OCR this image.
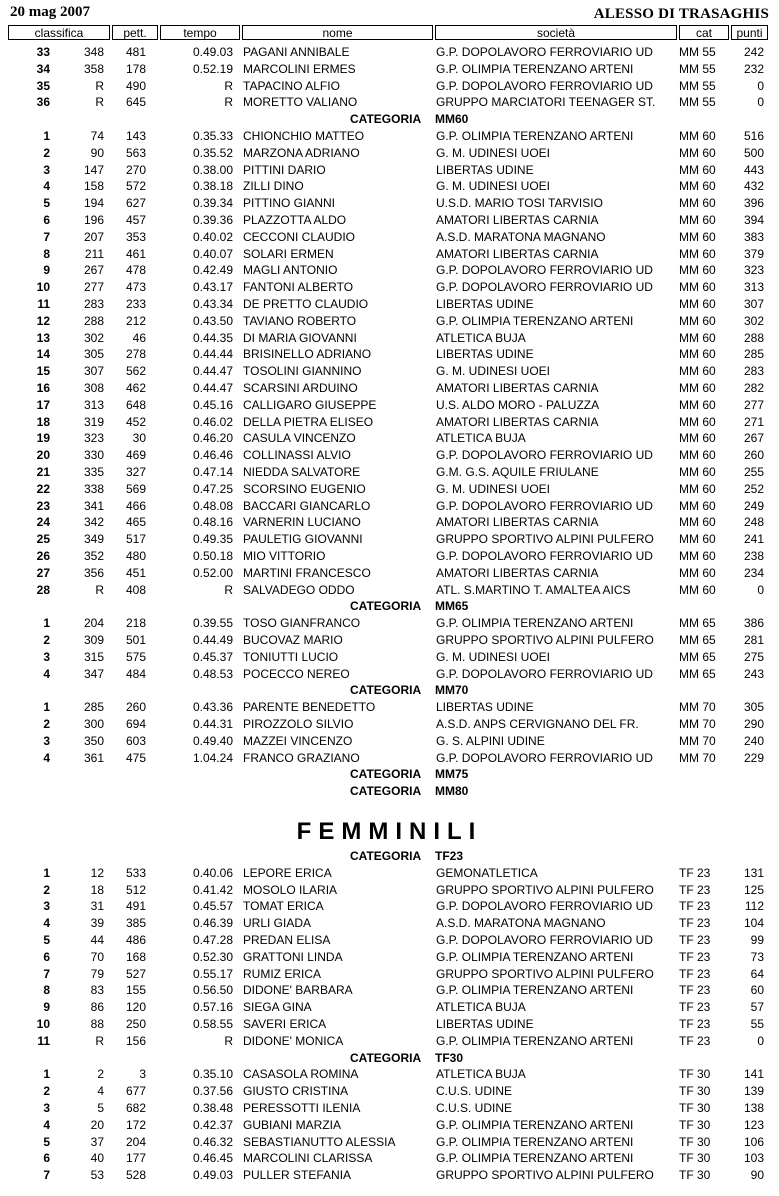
20 mag 2007	ALESSO DI TRASAGHIS
classifica	pett.	tempo	nome	società	cat	punti
33	348	481	0.49.03 PAGANI ANNIBALE	G.P. DOPOLAVORO FERROVIARIO UD MM 55	242
34	358	178	0.52.19 MARCOLINI ERMES	G.P. OLIMPIA TERENZANO ARTENI	MM 55	232
35	R	490	R TAPACINO ALFIO	G.P. DOPOLAVORO FERROVIARIO UD MM 55	0
36	R	645	R MORETTO VALIANO	GRUPPO MARCIATORI TEENAGER ST. MM 55	0
CATEGORIA MM60
1	74	143	0.35.33 CHIONCHIO MATTEO	G.P. OLIMPIA TERENZANO ARTENI	MM 60	516
2	90	563	0.35.52 MARZONA ADRIANO	G. M. UDINESI UOEI	MM 60	500
3	147	270	0.38.00 PITTINI DARIO	LIBERTAS UDINE	MM 60	443
4	158	572	0.38.18 ZILLI DINO	G. M. UDINESI UOEI	MM 60	432
5	194	627	0.39.34 PITTINO GIANNI	U.S.D. MARIO TOSI TARVISIO	MM 60	396
6	196	457	0.39.36 PLAZZOTTA ALDO	AMATORI LIBERTAS CARNIA	MM 60	394
7	207	353	0.40.02 CECCONI CLAUDIO	A.S.D. MARATONA MAGNANO	MM 60	383
8	211	461	0.40.07 SOLARI ERMEN	AMATORI LIBERTAS CARNIA	MM 60	379
9	267	478	0.42.49 MAGLI ANTONIO	G.P. DOPOLAVORO FERROVIARIO UD MM 60	323
10	277	473	0.43.17 FANTONI ALBERTO	G.P. DOPOLAVORO FERROVIARIO UD MM 60	313
11	283	233	0.43.34 DE PRETTO CLAUDIO	LIBERTAS UDINE	MM 60	307
12	288	212	0.43.50 TAVIANO ROBERTO	G.P. OLIMPIA TERENZANO ARTENI	MM 60	302
13	302	46	0.44.35 DI MARIA GIOVANNI	ATLETICA BUJA	MM 60	288
14	305	278	0.44.44 BRISINELLO ADRIANO	LIBERTAS UDINE	MM 60	285
15	307	562	0.44.47 TOSOLINI GIANNINO	G. M. UDINESI UOEI	MM 60	283
16	308	462	0.44.47 SCARSINI ARDUINO	AMATORI LIBERTAS CARNIA	MM 60	282
17	313	648	0.45.16 CALLIGARO GIUSEPPE	U.S. ALDO MORO - PALUZZA	MM 60	277
18	319	452	0.46.02 DELLA PIETRA ELISEO	AMATORI LIBERTAS CARNIA	MM 60	271
19	323	30	0.46.20 CASULA VINCENZO	ATLETICA BUJA	MM 60	267
20	330	469	0.46.46 COLLINASSI ALVIO	G.P. DOPOLAVORO FERROVIARIO UD MM 60	260
21	335	327	0.47.14 NIEDDA SALVATORE	G.M. G.S. AQUILE FRIULANE	MM 60	255
22	338	569	0.47.25 SCORSINO EUGENIO	G. M. UDINESI UOEI	MM 60	252
23	341	466	0.48.08 BACCARI GIANCARLO	G.P. DOPOLAVORO FERROVIARIO UD MM 60	249
24	342	465	0.48.16 VARNERIN LUCIANO	AMATORI LIBERTAS CARNIA	MM 60	248
25	349	517	0.49.35 PAULETIG GIOVANNI	GRUPPO SPORTIVO ALPINI PULFERO MM 60	241
26	352	480	0.50.18 MIO VITTORIO	G.P. DOPOLAVORO FERROVIARIO UD MM 60	238
27	356	451	0.52.00 MARTINI FRANCESCO	AMATORI LIBERTAS CARNIA	MM 60	234
28	R	408	R SALVADEGO ODDO	ATL. S.MARTINO T. AMALTEA AICS	MM 60	0
CATEGORIA MM65
1	204	218	0.39.55 TOSO GIANFRANCO	G.P. OLIMPIA TERENZANO ARTENI	MM 65	386
2	309	501	0.44.49 BUCOVAZ MARIO	GRUPPO SPORTIVO ALPINI PULFERO MM 65	281
3	315	575	0.45.37 TONIUTTI LUCIO	G. M. UDINESI UOEI	MM 65	275
4	347	484	0.48.53 POCECCO NEREO	G.P. DOPOLAVORO FERROVIARIO UD MM 65	243
CATEGORIA MM70
1	285	260	0.43.36 PARENTE BENEDETTO	LIBERTAS UDINE	MM 70	305
2	300	694	0.44.31 PIROZZOLO SILVIO	A.S.D. ANPS CERVIGNANO DEL FR.	MM 70	290
3	350	603	0.49.40 MAZZEI VINCENZO	G. S. ALPINI UDINE	MM 70	240
4	361	475	1.04.24 FRANCO GRAZIANO	G.P. DOPOLAVORO FERROVIARIO UD MM 70	229
CATEGORIA MM75
CATEGORIA MM80
FEMMINILI
CATEGORIA TF23
1	12	533	0.40.06 LEPORE ERICA	GEMONATLETICA	TF 23	131
2	18	512	0.41.42 MOSOLO ILARIA	GRUPPO SPORTIVO ALPINI PULFERO TF 23	125
3	31	491	0.45.57 TOMAT ERICA	G.P. DOPOLAVORO FERROVIARIO UD TF 23	112
4	39	385	0.46.39 URLI GIADA	A.S.D. MARATONA MAGNANO	TF 23	104
5	44	486	0.47.28 PREDAN ELISA	G.P. DOPOLAVORO FERROVIARIO UD TF 23	99
6	70	168	0.52.30 GRATTONI LINDA	G.P. OLIMPIA TERENZANO ARTENI	TF 23	73
7	79	527	0.55.17 RUMIZ ERICA	GRUPPO SPORTIVO ALPINI PULFERO TF 23	64
8	83	155	0.56.50 DIDONE' BARBARA	G.P. OLIMPIA TERENZANO ARTENI	TF 23	60
9	86	120	0.57.16 SIEGA GINA	ATLETICA BUJA	TF 23	57
10	88	250	0.58.55 SAVERI ERICA	LIBERTAS UDINE	TF 23	55
11	R	156	R DIDONE' MONICA	G.P. OLIMPIA TERENZANO ARTENI	TF 23	0
CATEGORIA TF30
1	2	3	0.35.10 CASASOLA ROMINA	ATLETICA BUJA	TF 30	141
2	4	677	0.37.56 GIUSTO CRISTINA	C.U.S. UDINE	TF 30	139
3	5	682	0.38.48 PERESSOTTI ILENIA	C.U.S. UDINE	TF 30	138
4	20	172	0.42.37 GUBIANI MARZIA	G.P. OLIMPIA TERENZANO ARTENI	TF 30	123
5	37	204	0.46.32 SEBASTIANUTTO ALESSIA	G.P. OLIMPIA TERENZANO ARTENI	TF 30	106
6	40	177	0.46.45 MARCOLINI CLARISSA	G.P. OLIMPIA TERENZANO ARTENI	TF 30	103
7	53	528	0.49.03 PULLER STEFANIA	GRUPPO SPORTIVO ALPINI PULFERO TF 30	90
